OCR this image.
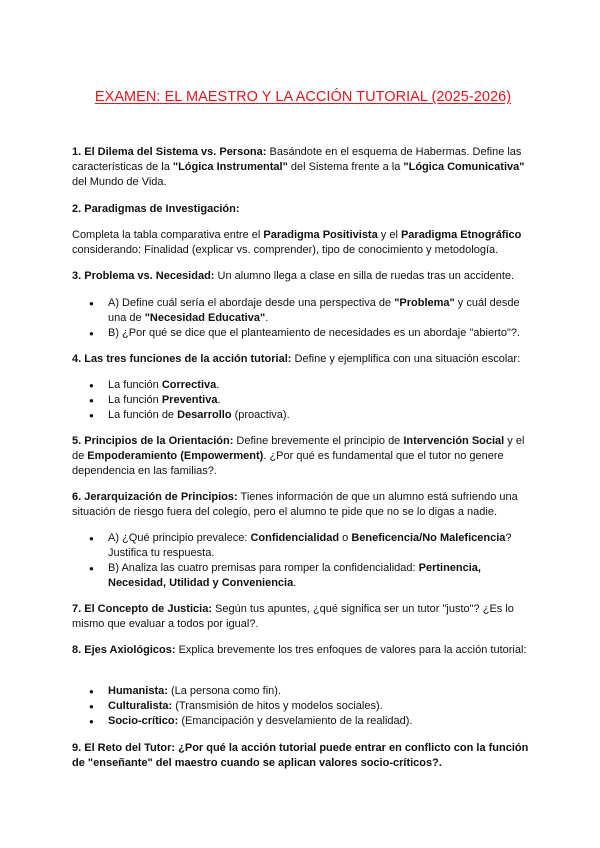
EXAMEN: EL MAESTRO Y LA ACCIÓN TUTORIAL (2025-2026)

1. El Dilema del Sistema vs. Persona: Basándote en el esquema de Habermas. Define las características de la "Lógica Instrumental" del Sistema frente a la "Lógica Comunicativa" del Mundo de Vida.

2. Paradigmas de Investigación:

Completa la tabla comparativa entre el Paradigma Positivista y el Paradigma Etnográfico considerando: Finalidad (explicar vs. comprender), tipo de conocimiento y metodología.

3. Problema vs. Necesidad: Un alumno llega a clase en silla de ruedas tras un accidente.

● A) Define cuál sería el abordaje desde una perspectiva de "Problema" y cuál desde una de "Necesidad Educativa".
● B) ¿Por qué se dice que el planteamiento de necesidades es un abordaje "abierto"?.

4. Las tres funciones de la acción tutorial: Define y ejemplifica con una situación escolar:

● La función Correctiva.
● La función Preventiva.
● La función de Desarrollo (proactiva).

5. Principios de la Orientación: Define brevemente el principio de Intervención Social y el de Empoderamiento (Empowerment). ¿Por qué es fundamental que el tutor no genere dependencia en las familias?.

6. Jerarquización de Principios: Tienes información de que un alumno está sufriendo una situación de riesgo fuera del colegio, pero el alumno te pide que no se lo digas a nadie.

● A) ¿Qué principio prevalece: Confidencialidad o Beneficencia/No Maleficencia? Justifica tu respuesta.
● B) Analiza las cuatro premisas para romper la confidencialidad: Pertinencia, Necesidad, Utilidad y Conveniencia.

7. El Concepto de Justicia: Según tus apuntes, ¿qué significa ser un tutor "justo"? ¿Es lo mismo que evaluar a todos por igual?.

8. Ejes Axiológicos: Explica brevemente los tres enfoques de valores para la acción tutorial:

● Humanista: (La persona como fin).
● Culturalista: (Transmisión de hitos y modelos sociales).
● Socio-crítico: (Emancipación y desvelamiento de la realidad).

9. El Reto del Tutor: ¿Por qué la acción tutorial puede entrar en conflicto con la función de "enseñante" del maestro cuando se aplican valores socio-críticos?.
